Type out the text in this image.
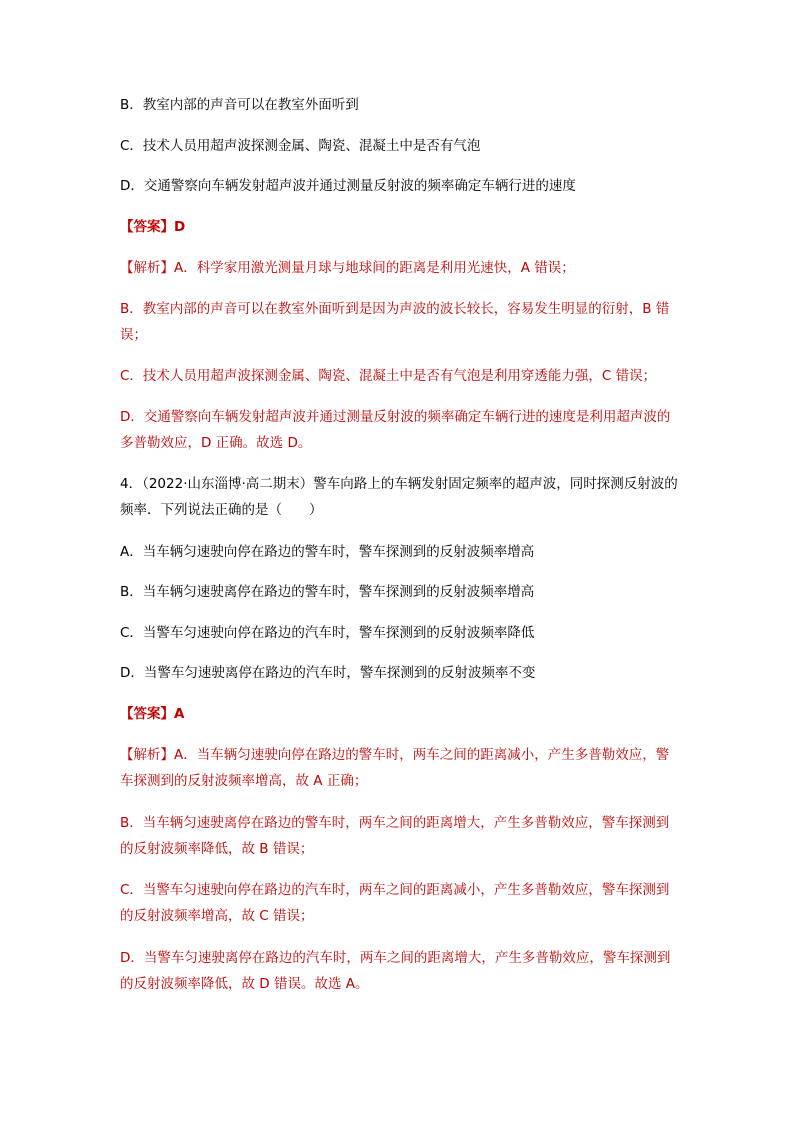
B．教室内部的声音可以在教室外面听到
C．技术人员用超声波探测金属、陶瓷、混凝土中是否有气泡
D．交通警察向车辆发射超声波并通过测量反射波的频率确定车辆行进的速度
【答案】D
【解析】A．科学家用激光测量月球与地球间的距离是利用光速快，A 错误；
B．教室内部的声音可以在教室外面听到是因为声波的波长较长，容易发生明显的衍射，B 错误；
C．技术人员用超声波探测金属、陶瓷、混凝土中是否有气泡是利用穿透能力强，C 错误；
D．交通警察向车辆发射超声波并通过测量反射波的频率确定车辆行进的速度是利用超声波的多普勒效应，D 正确。故选 D。
4．（2022·山东淄博·高二期末）警车向路上的车辆发射固定频率的超声波，同时探测反射波的频率．下列说法正确的是（　　）
A．当车辆匀速驶向停在路边的警车时，警车探测到的反射波频率增高
B．当车辆匀速驶离停在路边的警车时，警车探测到的反射波频率增高
C．当警车匀速驶向停在路边的汽车时，警车探测到的反射波频率降低
D．当警车匀速驶离停在路边的汽车时，警车探测到的反射波频率不变
【答案】A
【解析】A．当车辆匀速驶向停在路边的警车时，两车之间的距离减小，产生多普勒效应，警车探测到的反射波频率增高，故 A 正确；
B．当车辆匀速驶离停在路边的警车时，两车之间的距离增大，产生多普勒效应，警车探测到的反射波频率降低，故 B 错误；
C．当警车匀速驶向停在路边的汽车时，两车之间的距离减小，产生多普勒效应，警车探测到的反射波频率增高，故 C 错误；
D．当警车匀速驶离停在路边的汽车时，两车之间的距离增大，产生多普勒效应，警车探测到的反射波频率降低，故 D 错误。故选 A。
